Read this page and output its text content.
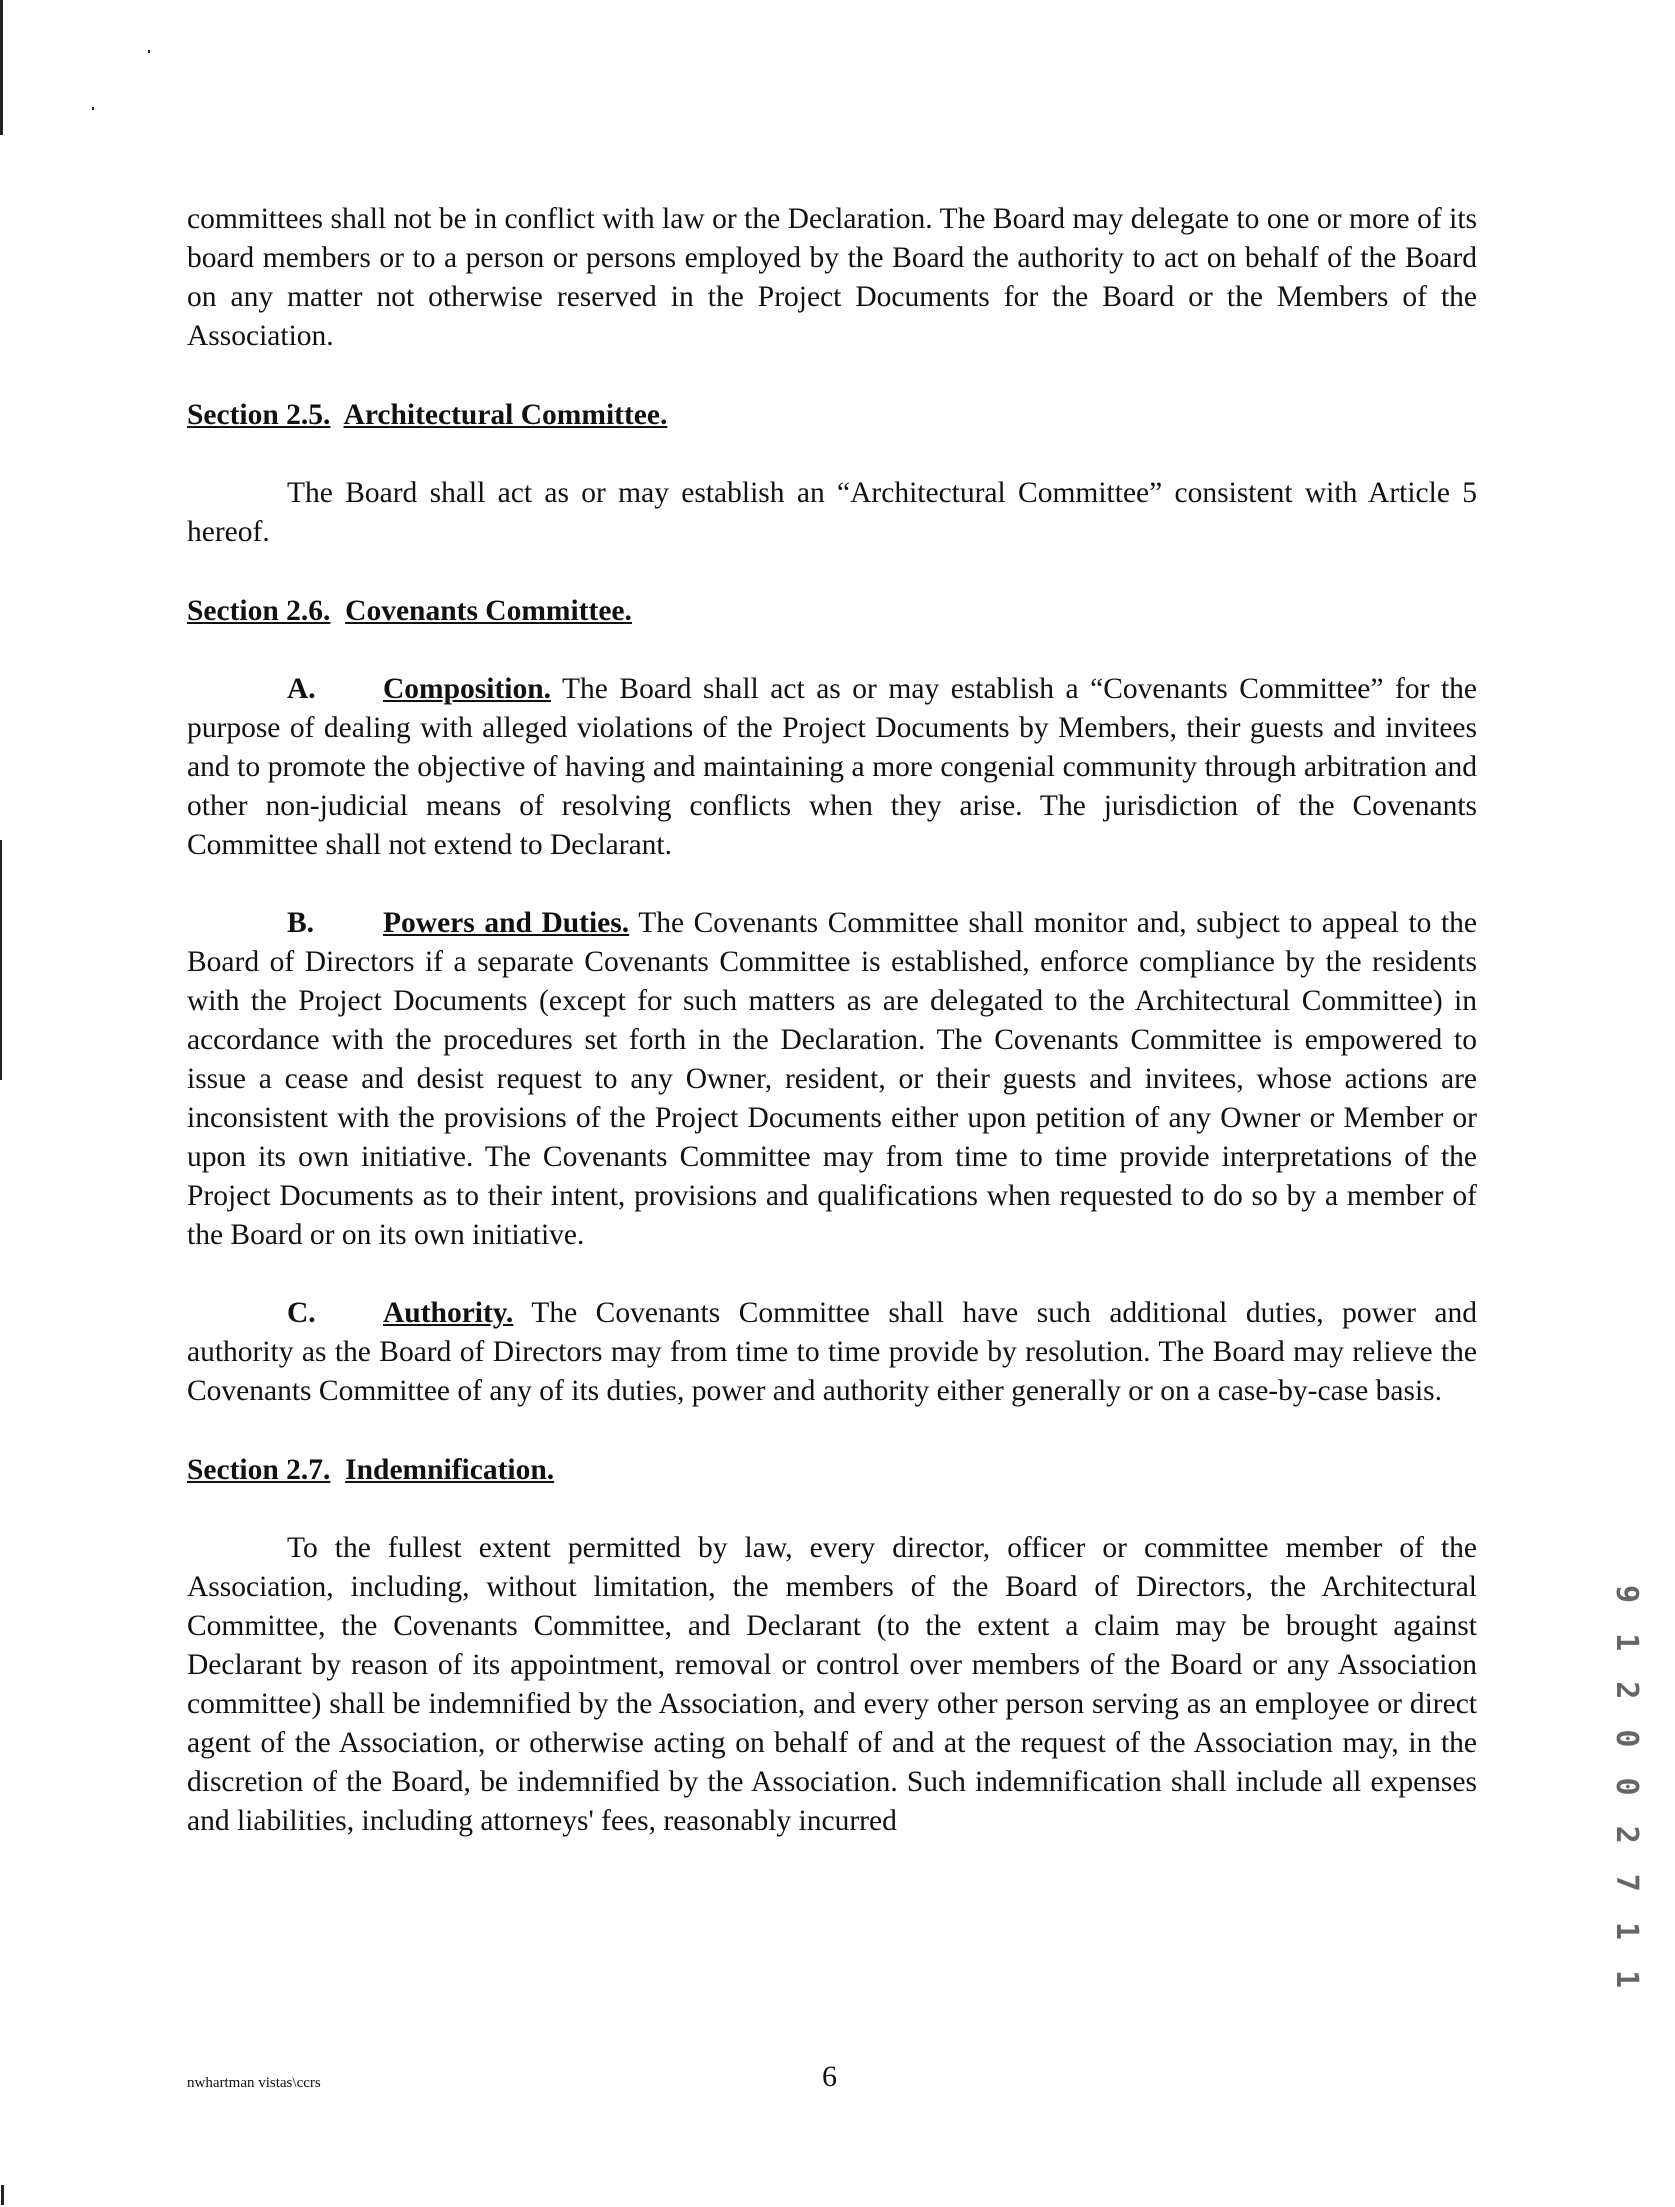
committees shall not be in conflict with law or the Declaration. The Board may delegate to one or more of its board members or to a person or persons employed by the Board the authority to act on behalf of the Board on any matter not otherwise reserved in the Project Documents for the Board or the Members of the Association.

Section 2.5. Architectural Committee.

The Board shall act as or may establish an “Architectural Committee” consistent with Article 5 hereof.

Section 2.6. Covenants Committee.

A. Composition. The Board shall act as or may establish a “Covenants Committee” for the purpose of dealing with alleged violations of the Project Documents by Members, their guests and invitees and to promote the objective of having and maintaining a more congenial community through arbitration and other non-judicial means of resolving conflicts when they arise. The jurisdiction of the Covenants Committee shall not extend to Declarant.

B. Powers and Duties. The Covenants Committee shall monitor and, subject to appeal to the Board of Directors if a separate Covenants Committee is established, enforce compliance by the residents with the Project Documents (except for such matters as are delegated to the Architectural Committee) in accordance with the procedures set forth in the Declaration. The Covenants Committee is empowered to issue a cease and desist request to any Owner, resident, or their guests and invitees, whose actions are inconsistent with the provisions of the Project Documents either upon petition of any Owner or Member or upon its own initiative. The Covenants Committee may from time to time provide interpretations of the Project Documents as to their intent, provisions and qualifications when requested to do so by a member of the Board or on its own initiative.

C. Authority. The Covenants Committee shall have such additional duties, power and authority as the Board of Directors may from time to time provide by resolution. The Board may relieve the Covenants Committee of any of its duties, power and authority either generally or on a case-by-case basis.

Section 2.7. Indemnification.

To the fullest extent permitted by law, every director, officer or committee member of the Association, including, without limitation, the members of the Board of Directors, the Architectural Committee, the Covenants Committee, and Declarant (to the extent a claim may be brought against Declarant by reason of its appointment, removal or control over members of the Board or any Association committee) shall be indemnified by the Association, and every other person serving as an employee or direct agent of the Association, or otherwise acting on behalf of and at the request of the Association may, in the discretion of the Board, be indemnified by the Association. Such indemnification shall include all expenses and liabilities, including attorneys' fees, reasonably incurred

nwhartman vistas\ccrs	6
9 1 2 0 0 2 7 1 1
